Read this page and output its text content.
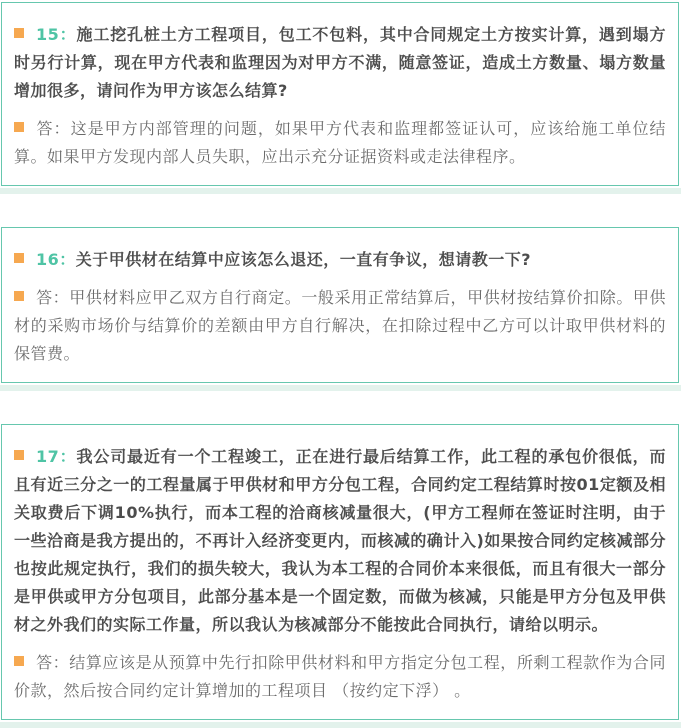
15：施工挖孔桩土方工程项目，包工不包料，其中合同规定土方按实计算，遇到塌方时另行计算，现在甲方代表和监理因为对甲方不满，随意签证，造成土方数量、塌方数量增加很多，请问作为甲方该怎么结算?

答：这是甲方内部管理的问题，如果甲方代表和监理都签证认可，应该给施工单位结算。如果甲方发现内部人员失职，应出示充分证据资料或走法律程序。

16：关于甲供材在结算中应该怎么退还，一直有争议，想请教一下?

答：甲供材料应甲乙双方自行商定。一般采用正常结算后，甲供材按结算价扣除。甲供材的采购市场价与结算价的差额由甲方自行解决，在扣除过程中乙方可以计取甲供材料的保管费。

17：我公司最近有一个工程竣工，正在进行最后结算工作，此工程的承包价很低，而且有近三分之一的工程量属于甲供材和甲方分包工程，合同约定工程结算时按01定额及相关取费后下调10%执行，而本工程的洽商核减量很大，(甲方工程师在签证时注明，由于一些洽商是我方提出的，不再计入经济变更内，而核减的确计入)如果按合同约定核减部分也按此规定执行，我们的损失较大，我认为本工程的合同价本来很低，而且有很大一部分是甲供或甲方分包项目，此部分基本是一个固定数，而做为核减，只能是甲方分包及甲供材之外我们的实际工作量，所以我认为核减部分不能按此合同执行，请给以明示。

答：结算应该是从预算中先行扣除甲供材料和甲方指定分包工程，所剩工程款作为合同价款，然后按合同约定计算增加的工程项目 （按约定下浮） 。
